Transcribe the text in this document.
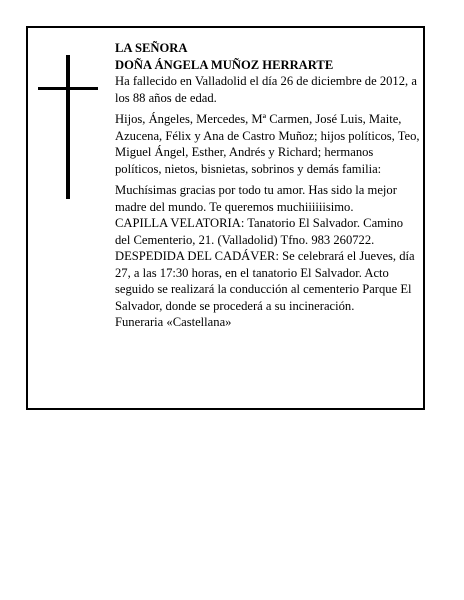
LA SEÑORA

DOÑA ÁNGELA MUÑOZ HERRARTE

Ha fallecido en Valladolid el día 26 de diciembre de 2012, a los 88 años de edad.

Hijos, Ángeles, Mercedes, Mª Carmen, José Luis, Maite, Azucena, Félix y Ana de Castro Muñoz; hijos políticos, Teo, Miguel Ángel, Esther, Andrés y Richard; hermanos políticos, nietos, bisnietas, sobrinos y demás familia:

Muchísimas gracias por todo tu amor. Has sido la mejor madre del mundo. Te queremos muchiiiiiisimo.

CAPILLA VELATORIA: Tanatorio El Salvador. Camino del Cementerio, 21. (Valladolid) Tfno. 983 260722. DESPEDIDA DEL CADÁVER: Se celebrará el Jueves, día 27, a las 17:30 horas, en el tanatorio El Salvador. Acto seguido se realizará la conducción al cementerio Parque El Salvador, donde se procederá a su incineración.

Funeraria «Castellana»
